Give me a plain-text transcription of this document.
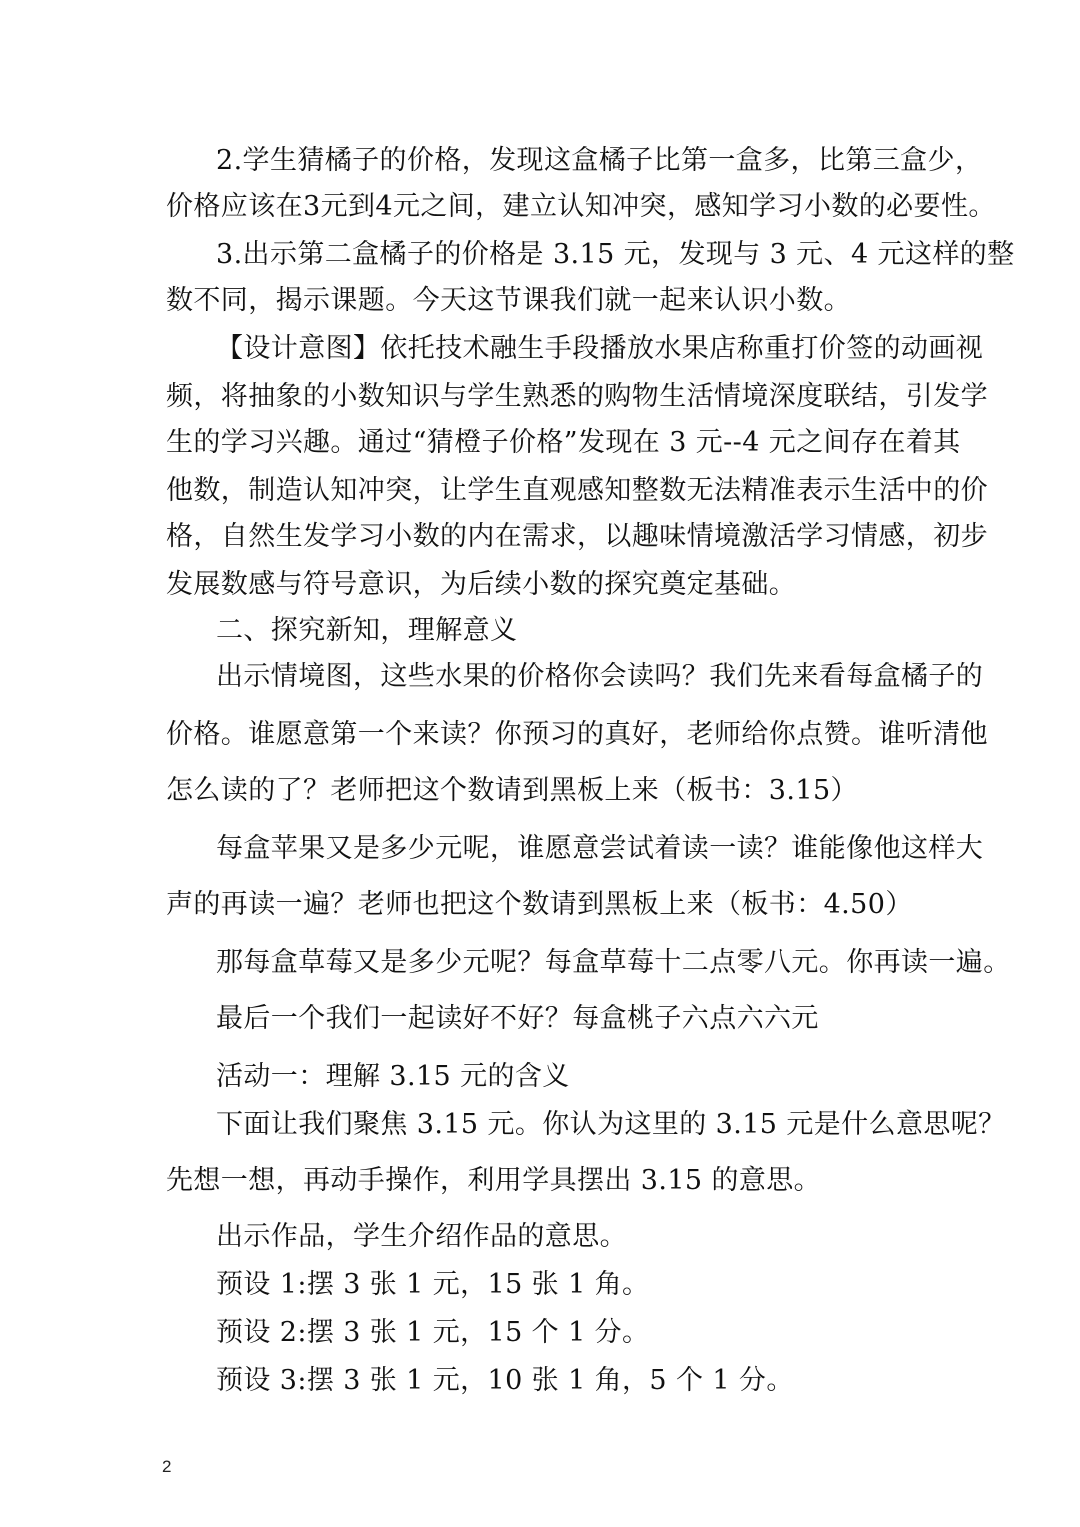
2.学生猜橘子的价格，发现这盒橘子比第一盒多，比第三盒少，
价格应该在3元到4元之间，建立认知冲突，感知学习小数的必要性。
3.出示第二盒橘子的价格是 3.15 元，发现与 3 元、4 元这样的整
数不同，揭示课题。今天这节课我们就一起来认识小数。
【设计意图】依托技术融生手段播放水果店称重打价签的动画视
频，将抽象的小数知识与学生熟悉的购物生活情境深度联结，引发学
生的学习兴趣。通过“猜橙子价格”发现在 3 元--4 元之间存在着其
他数，制造认知冲突，让学生直观感知整数无法精准表示生活中的价
格，自然生发学习小数的内在需求，以趣味情境激活学习情感，初步
发展数感与符号意识，为后续小数的探究奠定基础。
二、探究新知，理解意义
出示情境图，这些水果的价格你会读吗？我们先来看每盒橘子的
价格。谁愿意第一个来读？你预习的真好，老师给你点赞。谁听清他
怎么读的了？老师把这个数请到黑板上来（板书：3.15）
每盒苹果又是多少元呢，谁愿意尝试着读一读？谁能像他这样大
声的再读一遍？老师也把这个数请到黑板上来（板书：4.50）
那每盒草莓又是多少元呢？每盒草莓十二点零八元。你再读一遍。
最后一个我们一起读好不好？每盒桃子六点六六元
活动一：理解 3.15 元的含义
下面让我们聚焦 3.15 元。你认为这里的 3.15 元是什么意思呢？
先想一想，再动手操作，利用学具摆出 3.15 的意思。
出示作品，学生介绍作品的意思。
预设 1:摆 3 张 1 元，15 张 1 角。
预设 2:摆 3 张 1 元，15 个 1 分。
预设 3:摆 3 张 1 元，10 张 1 角，5 个 1 分。
2
